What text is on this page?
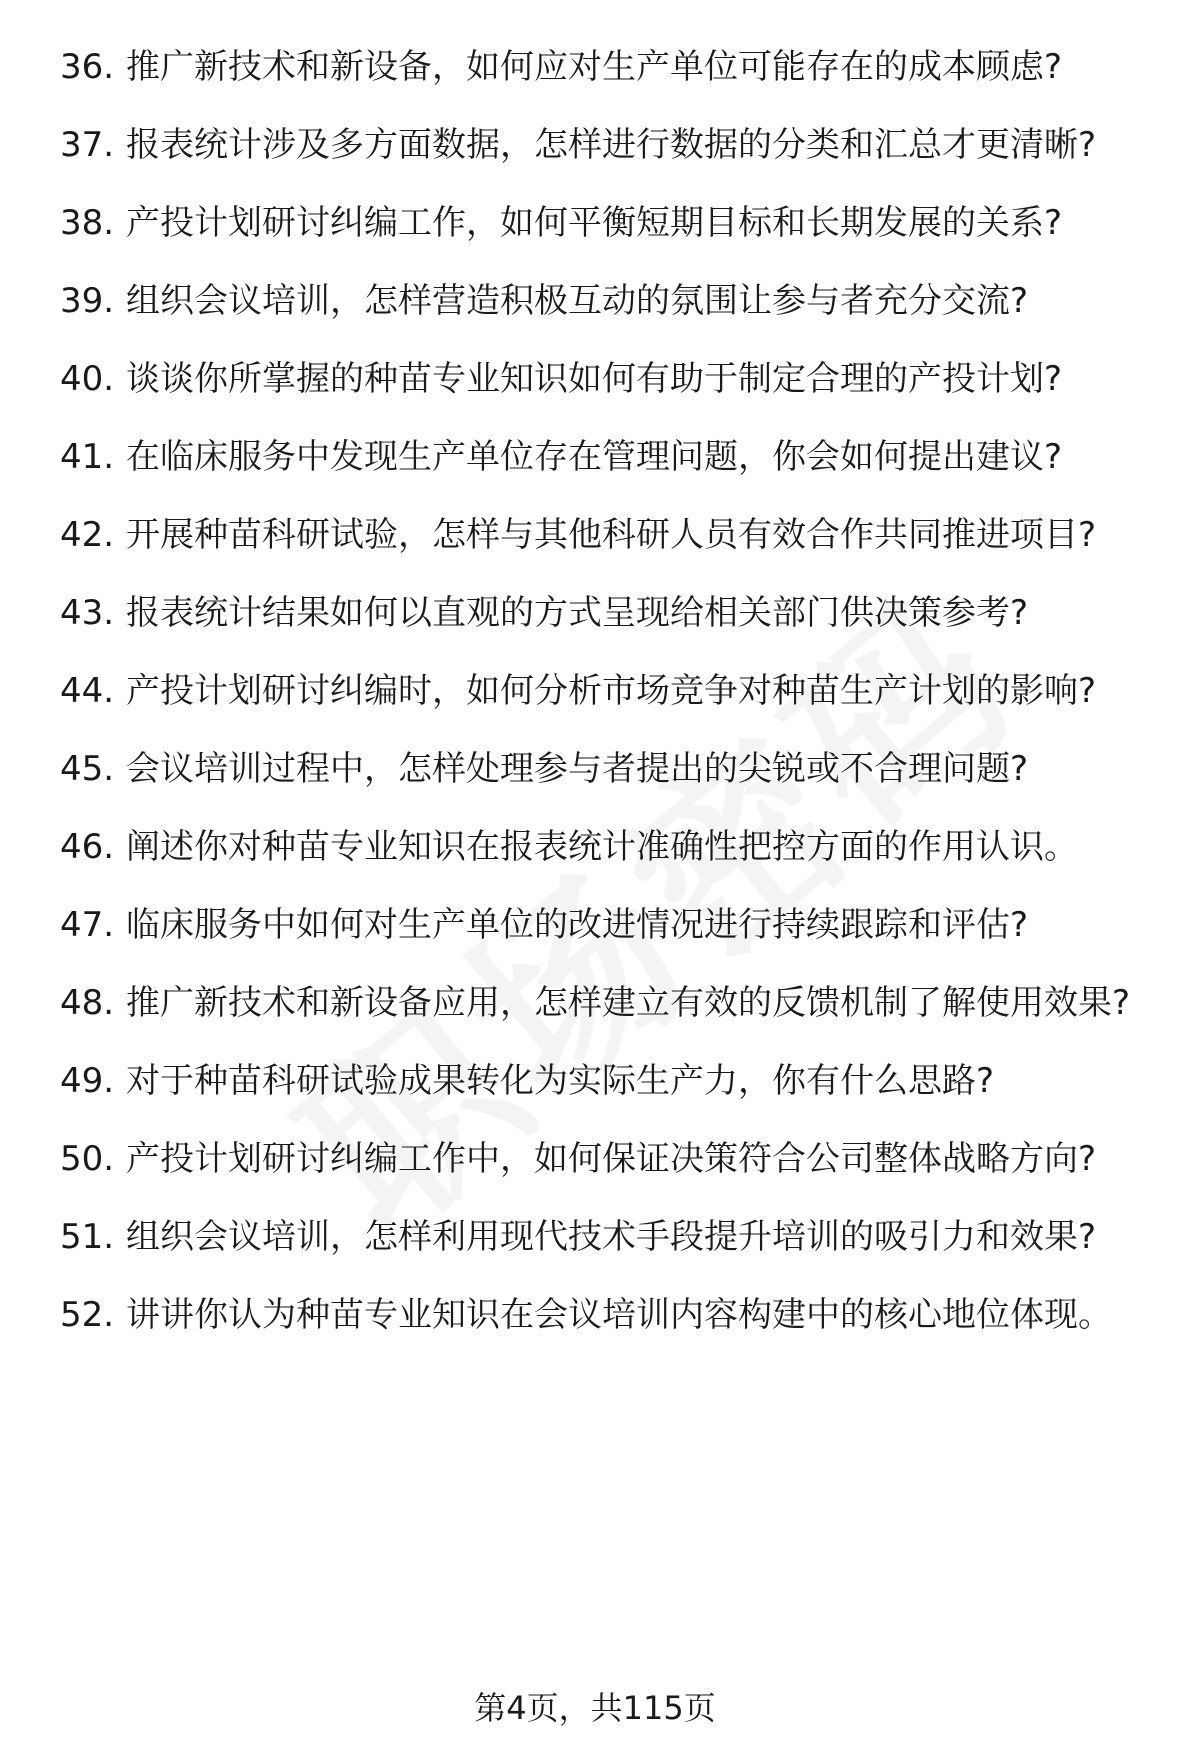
36. 推广新技术和新设备，如何应对生产单位可能存在的成本顾虑?
37. 报表统计涉及多方面数据，怎样进行数据的分类和汇总才更清晰?
38. 产投计划研讨纠编工作，如何平衡短期目标和长期发展的关系?
39. 组织会议培训，怎样营造积极互动的氛围让参与者充分交流?
40. 谈谈你所掌握的种苗专业知识如何有助于制定合理的产投计划?
41. 在临床服务中发现生产单位存在管理问题，你会如何提出建议?
42. 开展种苗科研试验，怎样与其他科研人员有效合作共同推进项目?
43. 报表统计结果如何以直观的方式呈现给相关部门供决策参考?
44. 产投计划研讨纠编时，如何分析市场竞争对种苗生产计划的影响?
45. 会议培训过程中，怎样处理参与者提出的尖锐或不合理问题?
46. 阐述你对种苗专业知识在报表统计准确性把控方面的作用认识。
47. 临床服务中如何对生产单位的改进情况进行持续跟踪和评估?
48. 推广新技术和新设备应用，怎样建立有效的反馈机制了解使用效果?
49. 对于种苗科研试验成果转化为实际生产力，你有什么思路?
50. 产投计划研讨纠编工作中，如何保证决策符合公司整体战略方向?
51. 组织会议培训，怎样利用现代技术手段提升培训的吸引力和效果?
52. 讲讲你认为种苗专业知识在会议培训内容构建中的核心地位体现。
第4页，共115页
